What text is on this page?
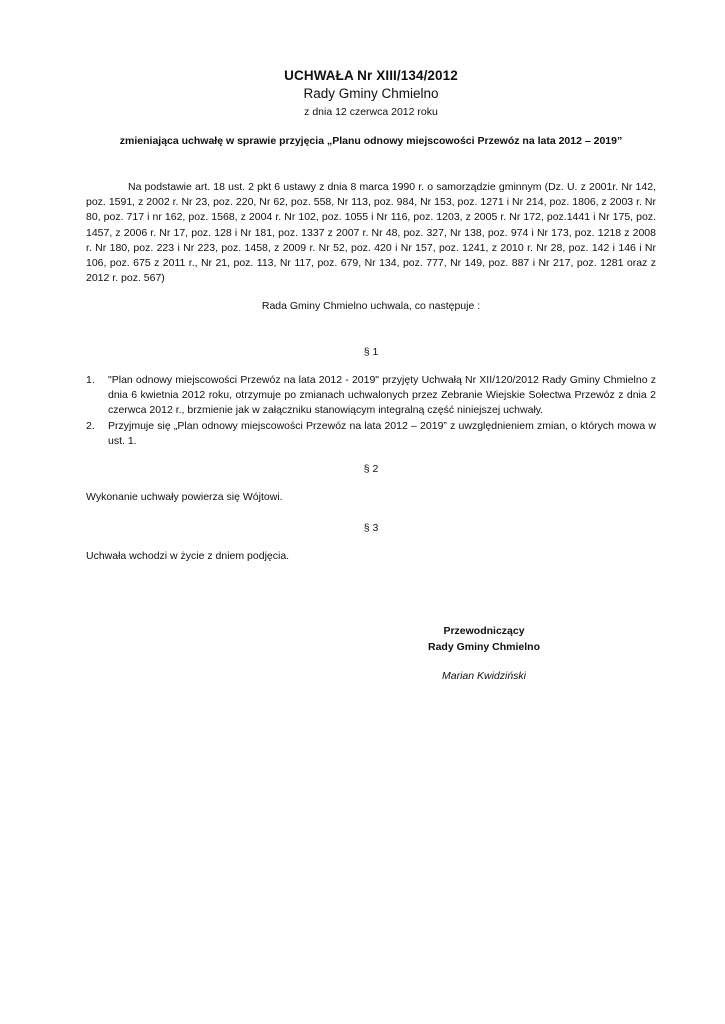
UCHWAŁA Nr XIII/134/2012
Rady Gminy Chmielno
z dnia 12 czerwca 2012 roku
zmieniająca uchwałę w sprawie przyjęcia „Planu odnowy miejscowości Przewóz na lata 2012 – 2019”
Na podstawie art. 18 ust. 2 pkt 6 ustawy z dnia 8 marca 1990 r. o samorządzie gminnym (Dz. U. z 2001r. Nr 142, poz. 1591, z 2002 r. Nr 23, poz. 220, Nr 62, poz. 558, Nr 113, poz. 984, Nr 153, poz. 1271 i Nr 214, poz. 1806, z 2003 r. Nr 80, poz. 717 i nr 162, poz. 1568, z 2004 r. Nr 102, poz. 1055 i Nr 116, poz. 1203, z 2005 r. Nr 172, poz.1441 i Nr 175, poz. 1457, z 2006 r. Nr 17, poz. 128 i Nr 181, poz. 1337 z 2007 r. Nr 48, poz. 327, Nr 138, poz. 974 i Nr 173, poz. 1218 z 2008 r. Nr 180, poz. 223 i Nr 223, poz. 1458, z 2009 r. Nr 52, poz. 420 i Nr 157, poz. 1241, z 2010 r. Nr 28, poz. 142 i 146 i Nr 106, poz. 675 z 2011 r., Nr 21, poz. 113, Nr 117, poz. 679, Nr 134, poz. 777, Nr 149, poz. 887 i Nr 217, poz. 1281 oraz z 2012 r. poz. 567)
Rada Gminy Chmielno uchwala, co następuje :
§ 1
1. "Plan odnowy miejscowości Przewóz na lata 2012 - 2019" przyjęty Uchwałą Nr XII/120/2012 Rady Gminy Chmielno z dnia 6 kwietnia 2012 roku, otrzymuje po zmianach uchwalonych przez Zebranie Wiejskie Sołectwa Przewóz z dnia 2 czerwca 2012 r., brzmienie jak w załączniku stanowiącym integralną część niniejszej uchwały.
2. Przyjmuje się „Plan odnowy miejscowości Przewóz na lata 2012 – 2019” z uwzględnieniem zmian, o których mowa w ust. 1.
§ 2
Wykonanie uchwały powierza się Wójtowi.
§ 3
Uchwała wchodzi w życie z dniem podjęcia.
Przewodniczący
Rady Gminy Chmielno
Marian Kwidziński
